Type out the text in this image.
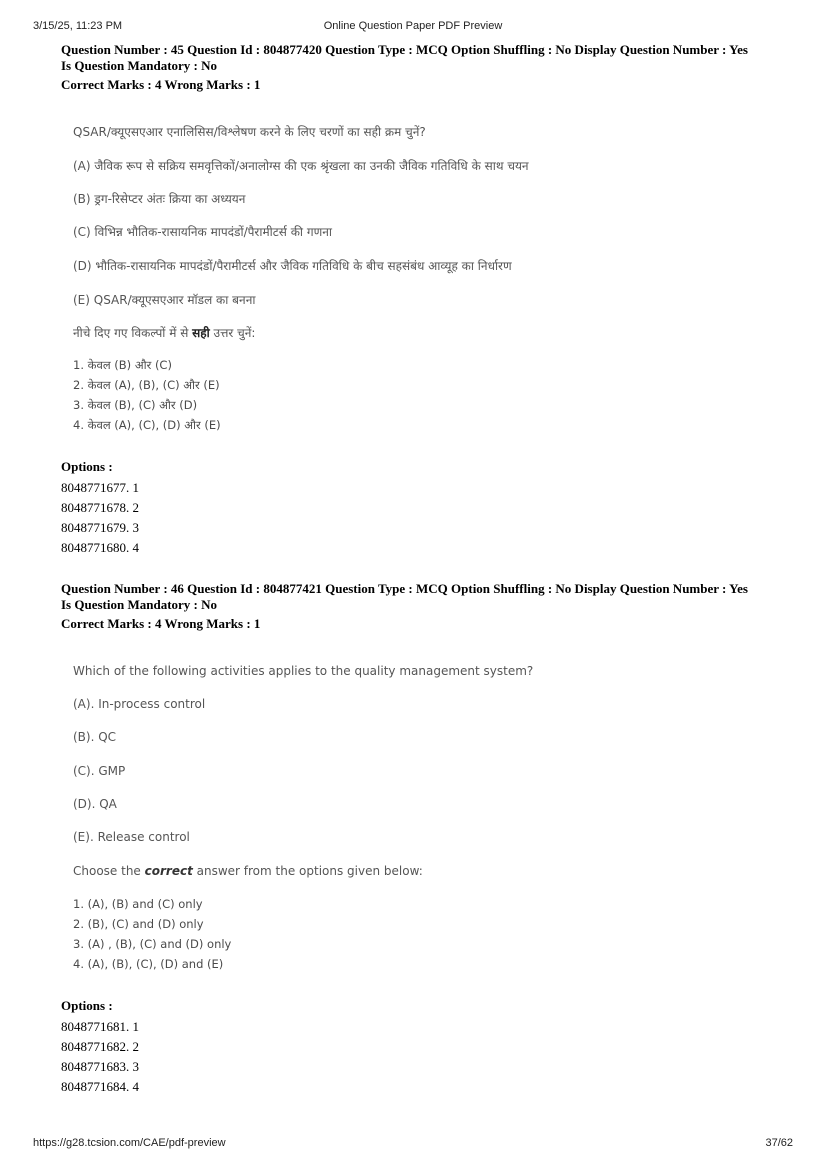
3/15/25, 11:23 PM	Online Question Paper PDF Preview
Question Number : 45 Question Id : 804877420 Question Type : MCQ Option Shuffling : No Display Question Number : Yes
Is Question Mandatory : No
Correct Marks : 4 Wrong Marks : 1
QSAR/क्यूएसएआर एनालिसिस/विश्लेषण करने के लिए चरणों का सही क्रम चुनें?
(A) जैविक रूप से सक्रिय समवृत्तिकों/अनालोग्स की एक श्रृंखला का उनकी जैविक गतिविधि के साथ चयन
(B) ड्रग-रिसेप्टर अंतः क्रिया का अध्ययन
(C) विभिन्न भौतिक-रासायनिक मापदंडों/पैरामीटर्स की गणना
(D) भौतिक-रासायनिक मापदंडों/पैरामीटर्स और जैविक गतिविधि के बीच सहसंबंध आव्यूह का निर्धारण
(E) QSAR/क्यूएसएआर मॉडल का बनना
नीचे दिए गए विकल्पों में से सही उत्तर चुनें:
1. केवल (B) और (C)
2. केवल (A), (B), (C) और (E)
3. केवल (B), (C) और (D)
4. केवल (A), (C), (D) और (E)
Options :
8048771677. 1
8048771678. 2
8048771679. 3
8048771680. 4
Question Number : 46 Question Id : 804877421 Question Type : MCQ Option Shuffling : No Display Question Number : Yes
Is Question Mandatory : No
Correct Marks : 4 Wrong Marks : 1
Which of the following activities applies to the quality management system?
(A). In-process control
(B). QC
(C). GMP
(D). QA
(E). Release control
Choose the correct answer from the options given below:
1. (A), (B) and (C) only
2. (B), (C) and (D) only
3. (A) , (B), (C) and (D) only
4. (A), (B), (C), (D) and (E)
Options :
8048771681. 1
8048771682. 2
8048771683. 3
8048771684. 4
https://g28.tcsion.com/CAE/pdf-preview	37/62
